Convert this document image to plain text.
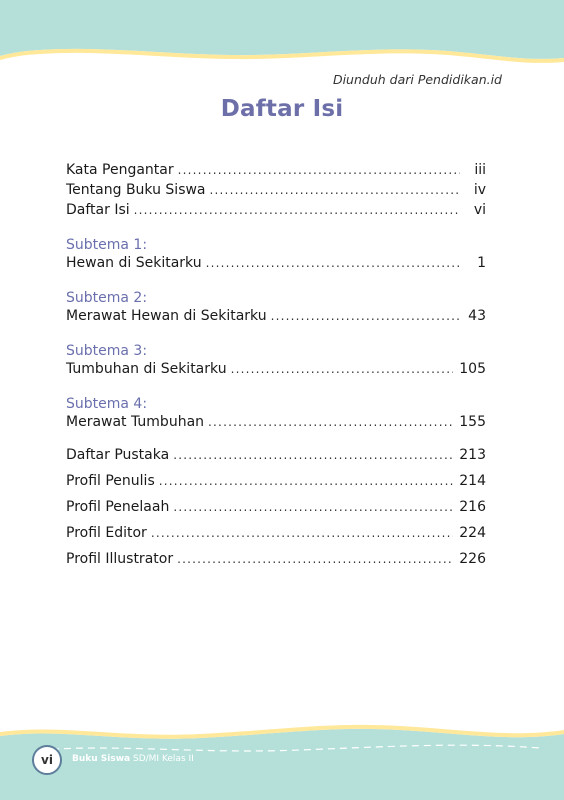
Diunduh dari Pendidikan.id
Daftar Isi
Kata Pengantar .....	iii
Tentang Buku Siswa .....	iv
Daftar Isi .....	vi
Subtema 1:
Hewan di Sekitarku .....	1
Subtema 2:
Merawat Hewan di Sekitarku .....	43
Subtema 3:
Tumbuhan di Sekitarku .....	105
Subtema 4:
Merawat Tumbuhan .....	155
Daftar Pustaka .....	213
Profil Penulis .....	214
Profil Penelaah .....	216
Profil Editor .....	224
Profil Illustrator .....	226
vi	Buku Siswa SD/MI Kelas II
